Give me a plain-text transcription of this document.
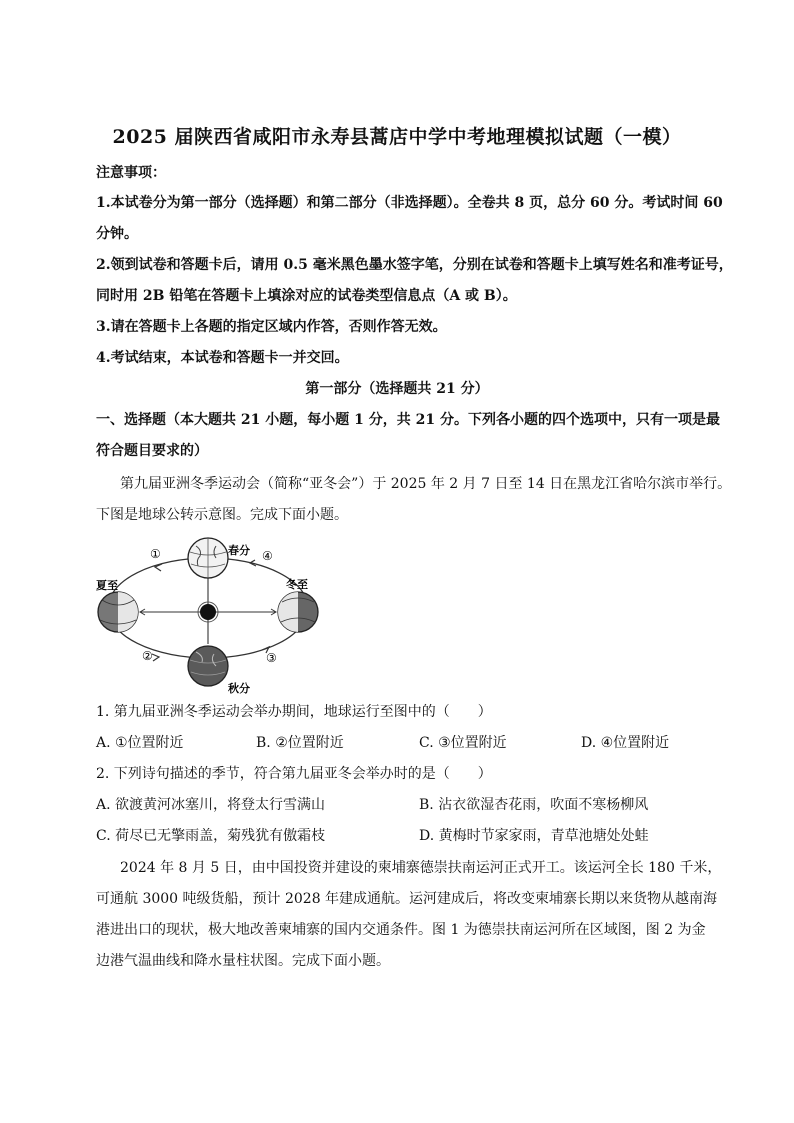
2025 届陕西省咸阳市永寿县蒿店中学中考地理模拟试题（一模）
注意事项：
1.本试卷分为第一部分（选择题）和第二部分（非选择题）。全卷共 8 页，总分 60 分。考试时间 60
分钟。
2.领到试卷和答题卡后，请用 0.5 毫米黑色墨水签字笔，分别在试卷和答题卡上填写姓名和准考证号，
同时用 2B 铅笔在答题卡上填涂对应的试卷类型信息点（A 或 B）。
3.请在答题卡上各题的指定区域内作答，否则作答无效。
4.考试结束，本试卷和答题卡一并交回。
第一部分（选择题共 21 分）
一、选择题（本大题共 21 小题，每小题 1 分，共 21 分。下列各小题的四个选项中，只有一项是最
符合题目要求的）
第九届亚洲冬季运动会（简称“亚冬会”）于 2025 年 2 月 7 日至 14 日在黑龙江省哈尔滨市举行。
下图是地球公转示意图。完成下面小题。
春分
夏至	冬至
秋分
①
②	③
④
1. 第九届亚洲冬季运动会举办期间，地球运行至图中的（　　）
A. ①位置附近	B. ②位置附近	C. ③位置附近	D. ④位置附近
2. 下列诗句描述的季节，符合第九届亚冬会举办时的是（　　）
A. 欲渡黄河冰塞川，将登太行雪满山	B. 沾衣欲湿杏花雨，吹面不寒杨柳风
C. 荷尽已无擎雨盖，菊残犹有傲霜枝	D. 黄梅时节家家雨，青草池塘处处蛙
2024 年 8 月 5 日，由中国投资并建设的柬埔寨德崇扶南运河正式开工。该运河全长 180 千米，
可通航 3000 吨级货船，预计 2028 年建成通航。运河建成后，将改变柬埔寨长期以来货物从越南海
港进出口的现状，极大地改善柬埔寨的国内交通条件。图 1 为德崇扶南运河所在区域图，图 2 为金
边港气温曲线和降水量柱状图。完成下面小题。
